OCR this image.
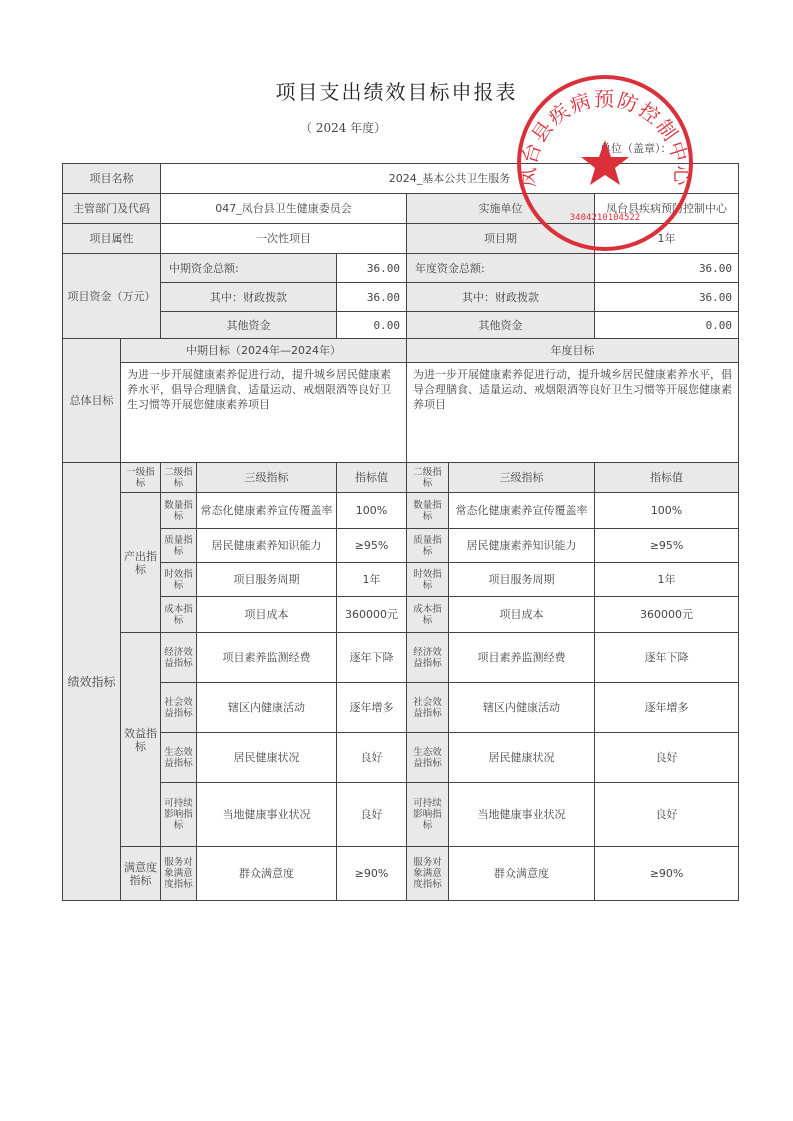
项目支出绩效目标申报表
（ 2024 年度）
单位（盖章）：
项目名称		2024_基本公共卫生服务					
主管部门及代码		047_凤台县卫生健康委员会			实施单位		凤台县疾病预防控制中心
项目属性		一次性项目			项目期		1年
项目资金（万元）		中期资金总额:		36.00	年度资金总额:		36.00
		其中：财政拨款		36.00	其中：财政拨款		36.00
		其他资金		0.00	其他资金		0.00
总体目标	中期目标（2024年—2024年）				年度目标		
	为进一步开展健康素养促进行动，提升城乡居民健康素养水平，倡导合理膳食、适量运动、戒烟限酒等良好卫生习惯等开展您健康素养项目				为进一步开展健康素养促进行动，提升城乡居民健康素养水平，倡导合理膳食、适量运动、戒烟限酒等良好卫生习惯等开展您健康素养项目		
绩效指标	一级指标	二级指标	三级指标	指标值	二级指标	三级指标	指标值
	产出指标	数量指标	常态化健康素养宣传覆盖率	100%	数量指标	常态化健康素养宣传覆盖率	100%
		质量指标	居民健康素养知识能力	≥95%	质量指标	居民健康素养知识能力	≥95%
		时效指标	项目服务周期	1年	时效指标	项目服务周期	1年
		成本指标	项目成本	360000元	成本指标	项目成本	360000元
	效益指标	经济效益指标	项目素养监测经费	逐年下降	经济效益指标	项目素养监测经费	逐年下降
		社会效益指标	辖区内健康活动	逐年增多	社会效益指标	辖区内健康活动	逐年增多
		生态效益指标	居民健康状况	良好	生态效益指标	居民健康状况	良好
		可持续影响指标	当地健康事业状况	良好	可持续影响指标	当地健康事业状况	良好
	满意度指标	服务对象满意度指标	群众满意度	≥90%	服务对象满意度指标	群众满意度	≥90%
凤台县疾病预防控制中心
3404210104522
